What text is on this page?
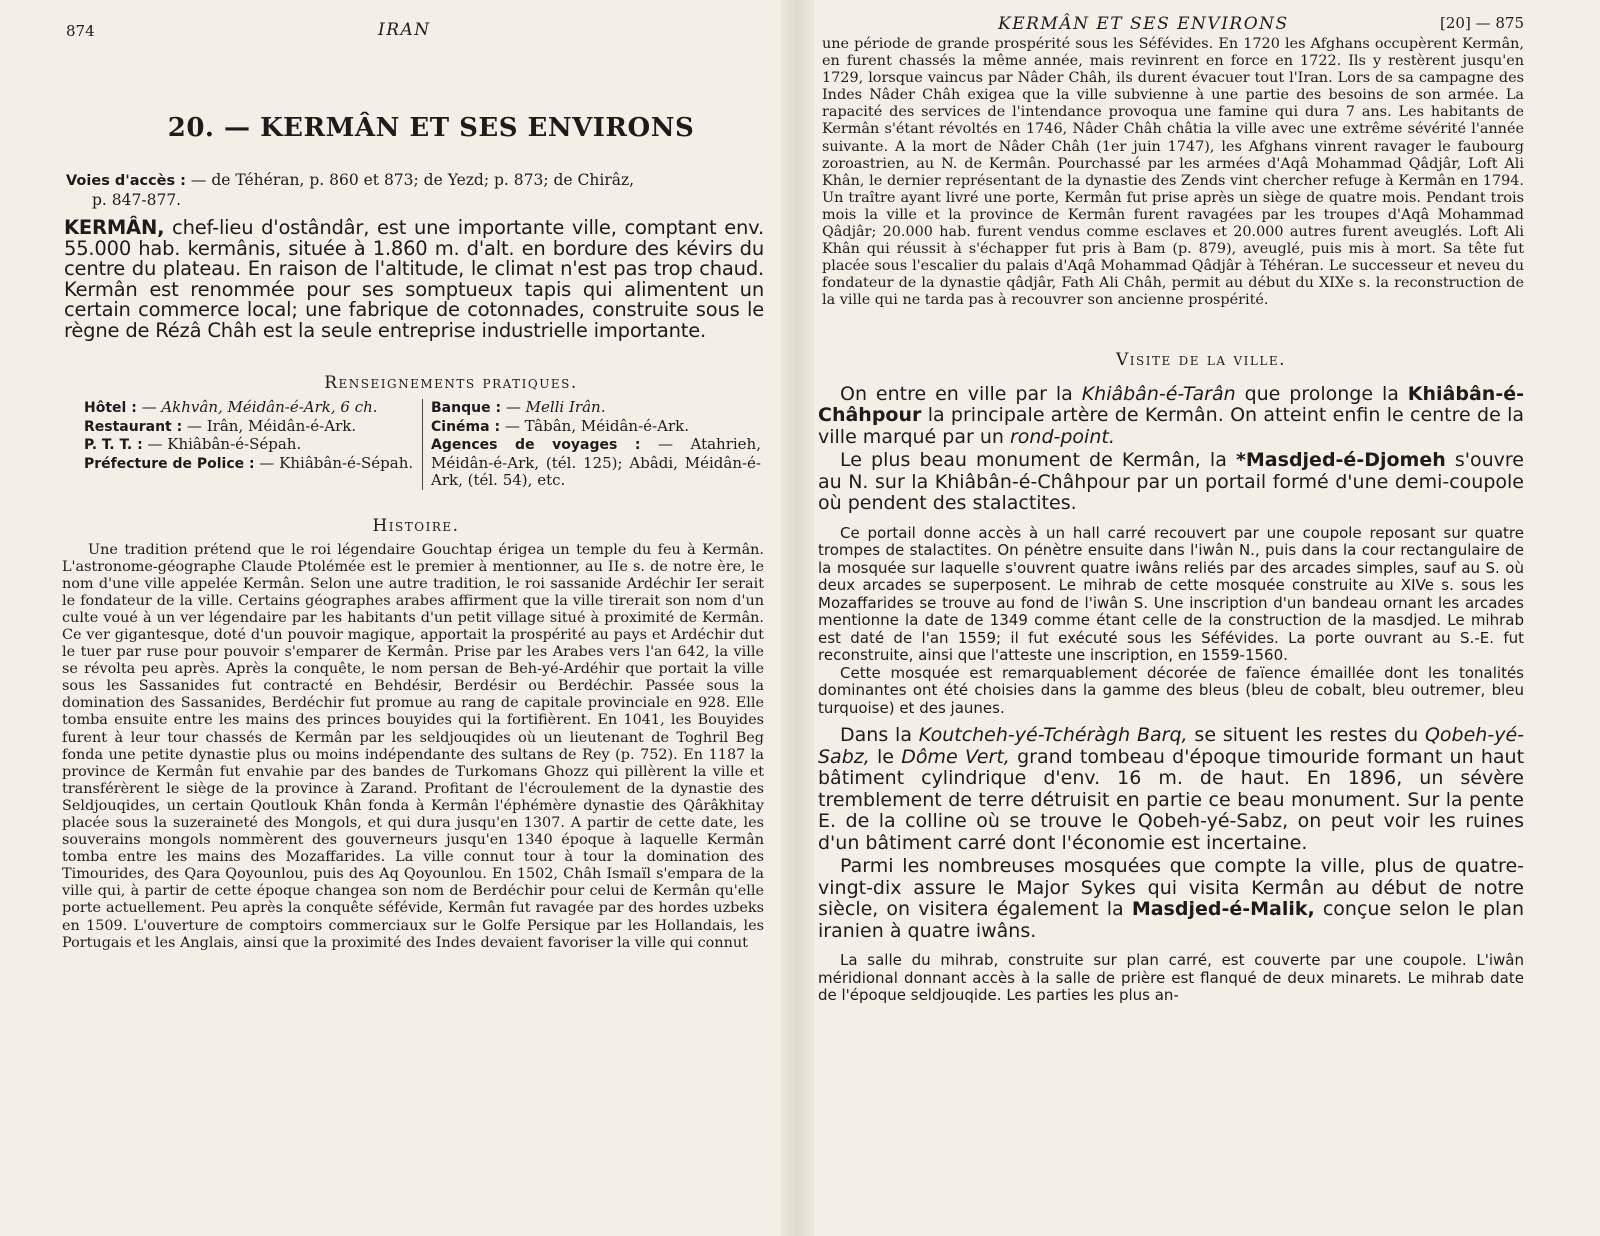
874	IRAN
20. — KERMÂN ET SES ENVIRONS
Voies d'accès : — de Téhéran, p. 860 et 873; de Yezd; p. 873; de Chirâz,
p. 847-877.
KERMÂN, chef-lieu d'ostândâr, est une importante ville, comptant env. 55.000 hab. kermânis, située à 1.860 m. d'alt. en bordure des kévirs du centre du plateau. En raison de l'altitude, le climat n'est pas trop chaud. Kermân est renommée pour ses somptueux tapis qui alimentent un certain commerce local; une fabrique de cotonnades, construite sous le règne de Rézâ Châh est la seule entreprise industrielle importante.
Renseignements pratiques.

Hôtel : — Akhvân, Méidân-é-Ark, 6 ch.

Restaurant : — Irân, Méidân-é-Ark.

P. T. T. : — Khiâbân-é-Sépah.

Préfecture de Police : — Khiâbân-é-Sépah.

Banque : — Melli Irân.

Cinéma : — Tâbân, Méidân-é-Ark.

Agences de voyages : — Atahrieh, Méidân-é-Ark, (tél. 125); Abâdi, Méidân-é-Ark, (tél. 54), etc.

Histoire.

Une tradition prétend que le roi légendaire Gouchtap érigea un temple du feu à Kermân. L'astronome-géographe Claude Ptolémée est le premier à mentionner, au IIe s. de notre ère, le nom d'une ville appelée Kermân. Selon une autre tradition, le roi sassanide Ardéchir Ier serait le fondateur de la ville. Certains géographes arabes affirment que la ville tirerait son nom d'un culte voué à un ver légendaire par les habitants d'un petit village situé à proximité de Kermân. Ce ver gigantesque, doté d'un pouvoir magique, apportait la prospérité au pays et Ardéchir dut le tuer par ruse pour pouvoir s'emparer de Kermân. Prise par les Arabes vers l'an 642, la ville se révolta peu après. Après la conquête, le nom persan de Beh-yé-Ardéhir que portait la ville sous les Sassanides fut contracté en Behdésir, Berdésir ou Berdéchir. Passée sous la domination des Sassanides, Berdéchir fut promue au rang de capitale provinciale en 928. Elle tomba ensuite entre les mains des princes bouyides qui la fortifièrent. En 1041, les Bouyides furent à leur tour chassés de Kermân par les seldjouqides où un lieutenant de Toghril Beg fonda une petite dynastie plus ou moins indépendante des sultans de Rey (p. 752). En 1187 la province de Kermân fut envahie par des bandes de Turkomans Ghozz qui pillèrent la ville et transférèrent le siège de la province à Zarand. Profitant de l'écroulement de la dynastie des Seldjouqides, un certain Qoutlouk Khân fonda à Kermân l'éphémère dynastie des Qârâkhitay placée sous la suzeraineté des Mongols, et qui dura jusqu'en 1307. A partir de cette date, les souverains mongols nommèrent des gouverneurs jusqu'en 1340 époque à laquelle Kermân tomba entre les mains des Mozaffarides. La ville connut tour à tour la domination des Timourides, des Qara Qoyounlou, puis des Aq Qoyounlou. En 1502, Châh Ismaïl s'empara de la ville qui, à partir de cette époque changea son nom de Berdéchir pour celui de Kermân qu'elle porte actuellement. Peu après la conquête séfévide, Kermân fut ravagée par des hordes uzbeks en 1509. L'ouverture de comptoirs commerciaux sur le Golfe Persique par les Hollandais, les Portugais et les Anglais, ainsi que la proximité des Indes devaient favoriser la ville qui connut

KERMÂN ET SES ENVIRONS	[20] — 875

une période de grande prospérité sous les Séfévides. En 1720 les Afghans occupèrent Kermân, en furent chassés la même année, mais revinrent en force en 1722. Ils y restèrent jusqu'en 1729, lorsque vaincus par Nâder Châh, ils durent évacuer tout l'Iran. Lors de sa campagne des Indes Nâder Châh exigea que la ville subvienne à une partie des besoins de son armée. La rapacité des services de l'intendance provoqua une famine qui dura 7 ans. Les habitants de Kermân s'étant révoltés en 1746, Nâder Châh châtia la ville avec une extrême sévérité l'année suivante. A la mort de Nâder Châh (1er juin 1747), les Afghans vinrent ravager le faubourg zoroastrien, au N. de Kermân. Pourchassé par les armées d'Aqâ Mohammad Qâdjâr, Loft Ali Khân, le dernier représentant de la dynastie des Zends vint chercher refuge à Kermân en 1794. Un traître ayant livré une porte, Kermân fut prise après un siège de quatre mois. Pendant trois mois la ville et la province de Kermân furent ravagées par les troupes d'Aqâ Mohammad Qâdjâr; 20.000 hab. furent vendus comme esclaves et 20.000 autres furent aveuglés. Loft Ali Khân qui réussit à s'échapper fut pris à Bam (p. 879), aveuglé, puis mis à mort. Sa tête fut placée sous l'escalier du palais d'Aqâ Mohammad Qâdjâr à Téhéran. Le successeur et neveu du fondateur de la dynastie qâdjâr, Fath Ali Châh, permit au début du XIXe s. la reconstruction de la ville qui ne tarda pas à recouvrer son ancienne prospérité.

Visite de la ville.

On entre en ville par la Khiâbân-é-Tarân que prolonge la Khiâbân-é-Châhpour la principale artère de Kermân. On atteint enfin le centre de la ville marqué par un rond-point.

Le plus beau monument de Kermân, la *Masdjed-é-Djomeh s'ouvre au N. sur la Khiâbân-é-Châhpour par un portail formé d'une demi-coupole où pendent des stalactites.

Ce portail donne accès à un hall carré recouvert par une coupole reposant sur quatre trompes de stalactites. On pénètre ensuite dans l'iwân N., puis dans la cour rectangulaire de la mosquée sur laquelle s'ouvrent quatre iwâns reliés par des arcades simples, sauf au S. où deux arcades se superposent. Le mihrab de cette mosquée construite au XIVe s. sous les Mozaffarides se trouve au fond de l'iwân S. Une inscription d'un bandeau ornant les arcades mentionne la date de 1349 comme étant celle de la construction de la masdjed. Le mihrab est daté de l'an 1559; il fut exécuté sous les Séfévides. La porte ouvrant au S.-E. fut reconstruite, ainsi que l'atteste une inscription, en 1559-1560.

Cette mosquée est remarquablement décorée de faïence émaillée dont les tonalités dominantes ont été choisies dans la gamme des bleus (bleu de cobalt, bleu outremer, bleu turquoise) et des jaunes.

Dans la Koutcheh-yé-Tchéràgh Barq, se situent les restes du Qobeh-yé-Sabz, le Dôme Vert, grand tombeau d'époque timouride formant un haut bâtiment cylindrique d'env. 16 m. de haut. En 1896, un sévère tremblement de terre détruisit en partie ce beau monument. Sur la pente E. de la colline où se trouve le Qobeh-yé-Sabz, on peut voir les ruines d'un bâtiment carré dont l'économie est incertaine.

Parmi les nombreuses mosquées que compte la ville, plus de quatre-vingt-dix assure le Major Sykes qui visita Kermân au début de notre siècle, on visitera également la Masdjed-é-Malik, conçue selon le plan iranien à quatre iwâns.

La salle du mihrab, construite sur plan carré, est couverte par une coupole. L'iwân méridional donnant accès à la salle de prière est flanqué de deux minarets. Le mihrab date de l'époque seldjouqide. Les parties les plus an-
